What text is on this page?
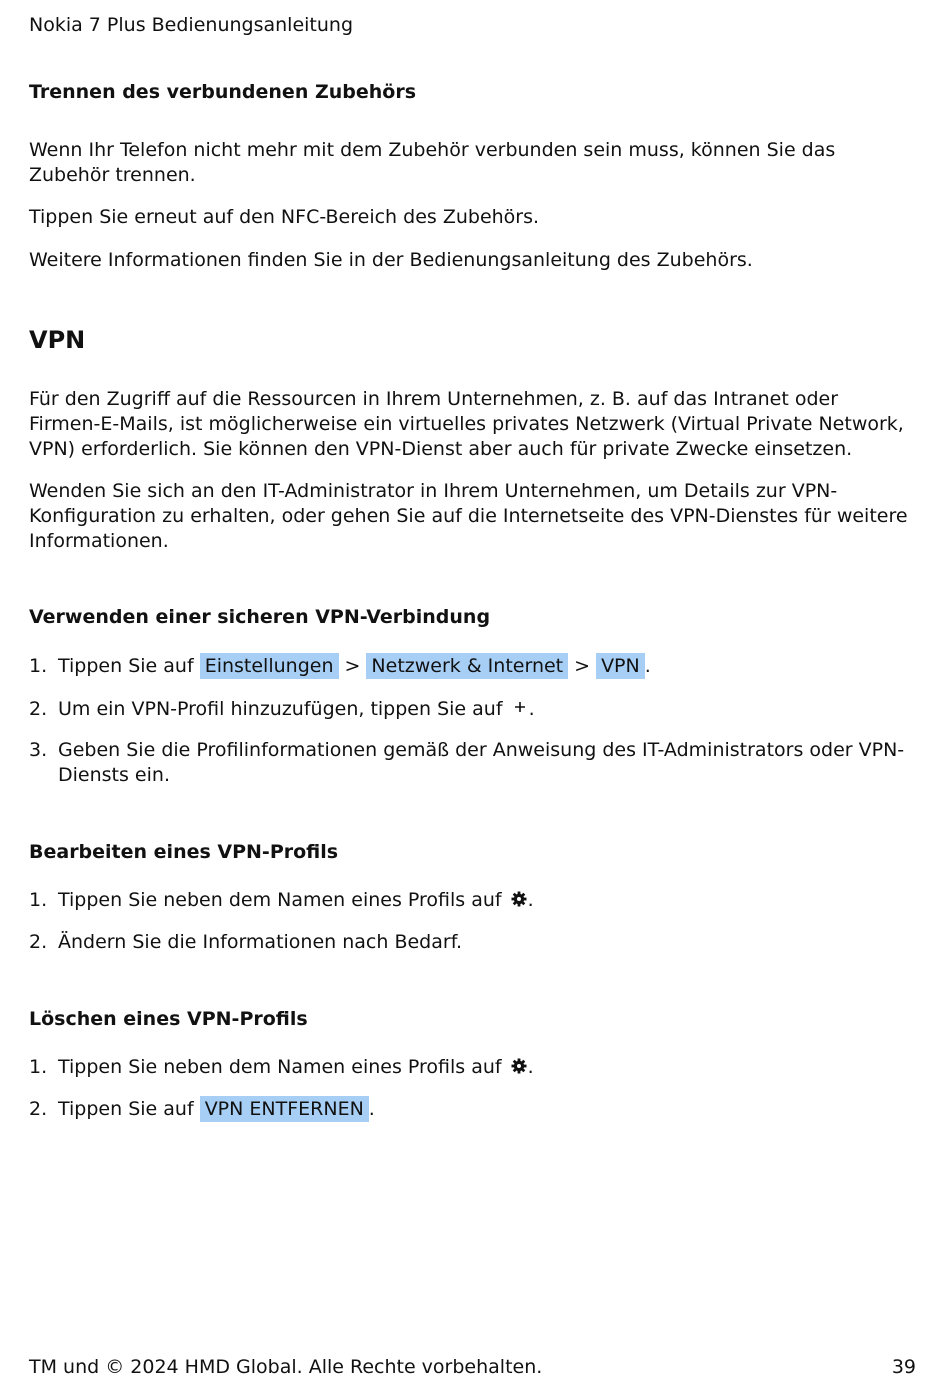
Nokia 7 Plus Bedienungsanleitung
Trennen des verbundenen Zubehörs

Wenn Ihr Telefon nicht mehr mit dem Zubehör verbunden sein muss, können Sie das Zubehör trennen.

Tippen Sie erneut auf den NFC-Bereich des Zubehörs.

Weitere Informationen finden Sie in der Bedienungsanleitung des Zubehörs.

VPN

Für den Zugriff auf die Ressourcen in Ihrem Unternehmen, z. B. auf das Intranet oder Firmen-E-Mails, ist möglicherweise ein virtuelles privates Netzwerk (Virtual Private Network, VPN) erforderlich. Sie können den VPN-Dienst aber auch für private Zwecke einsetzen.

Wenden Sie sich an den IT-Administrator in Ihrem Unternehmen, um Details zur VPN-Konfiguration zu erhalten, oder gehen Sie auf die Internetseite des VPN-Dienstes für weitere Informationen.

Verwenden einer sicheren VPN-Verbindung
1. Tippen Sie auf Einstellungen > Netzwerk & Internet > VPN .
2. Um ein VPN-Profil hinzuzufügen, tippen Sie auf .
3. Geben Sie die Profilinformationen gemäß der Anweisung des IT-Administrators oder VPN-Diensts ein.
Bearbeiten eines VPN-Profils
1. Tippen Sie neben dem Namen eines Profils auf .
2. Ändern Sie die Informationen nach Bedarf.
Löschen eines VPN-Profils
1. Tippen Sie neben dem Namen eines Profils auf .
2. Tippen Sie auf VPN ENTFERNEN .
TM und © 2024 HMD Global. Alle Rechte vorbehalten.	39
